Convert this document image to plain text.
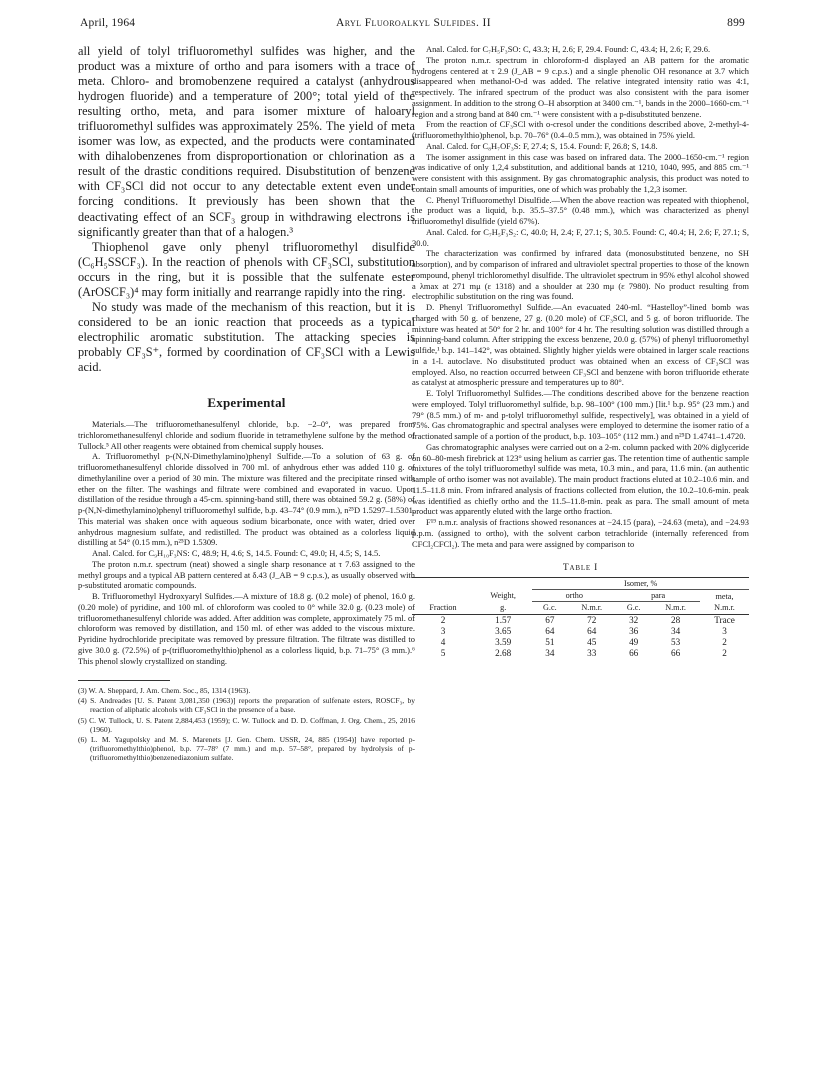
April, 1964	Aryl Fluoroalkyl Sulfides. II	899

all yield of tolyl trifluoromethyl sulfides was higher, and the product was a mixture of ortho and para isomers with a trace of meta. Chloro- and bromobenzene required a catalyst (anhydrous hydrogen fluoride) and a temperature of 200°; total yield of the resulting ortho, meta, and para isomer mixture of haloaryl trifluoromethyl sulfides was approximately 25%. The yield of meta isomer was low, as expected, and the products were contaminated with dihalobenzenes from disproportionation or chlorination as a result of the drastic conditions required. Disubstitution of benzene with CF₃SCl did not occur to any detectable extent even under forcing conditions. It previously has been shown that the deactivating effect of an SCF₃ group in withdrawing electrons is significantly greater than that of a halogen.³

Thiophenol gave only phenyl trifluoromethyl disulfide (C₆H₅SSCF₃). In the reaction of phenols with CF₃SCl, substitution occurs in the ring, but it is possible that the sulfenate ester (ArOSCF₃)⁴ may form initially and rearrange rapidly into the ring.

No study was made of the mechanism of this reaction, but it is considered to be an ionic reaction that proceeds as a typical electrophilic aromatic substitution. The attacking species is probably CF₃S⁺, formed by coordination of CF₃SCl with a Lewis acid.

Experimental

Materials.—The trifluoromethanesulfenyl chloride, b.p. −2–0°, was prepared from trichloromethanesulfenyl chloride and sodium fluoride in tetramethylene sulfone by the method of Tullock.⁵ All other reagents were obtained from chemical supply houses.

A. Trifluoromethyl p-(N,N-Dimethylamino)phenyl Sulfide.—To a solution of 63 g. of trifluoromethanesulfenyl chloride dissolved in 700 ml. of anhydrous ether was added 110 g. of dimethylaniline over a period of 30 min. The mixture was filtered and the precipitate rinsed with ether on the filter. The washings and filtrate were combined and evaporated in vacuo. Upon distillation of the residue through a 45-cm. spinning-band still, there was obtained 59.2 g. (58%) of p-(N,N-dimethylamino)phenyl trifluoromethyl sulfide, b.p. 43–74° (0.9 mm.), n²⁵D 1.5297–1.5301. This material was shaken once with aqueous sodium bicarbonate, once with water, dried over anhydrous magnesium sulfate, and redistilled. The product was obtained as a colorless liquid distilling at 54° (0.15 mm.), n²⁵D 1.5309.

Anal. Calcd. for C₉H₁₀F₃NS: C, 48.9; H, 4.6; S, 14.5. Found: C, 49.0; H, 4.5; S, 14.5.

The proton n.m.r. spectrum (neat) showed a single sharp resonance at τ 7.63 assigned to the methyl groups and a typical AB pattern centered at δ.43 (J_AB = 9 c.p.s.), as usually observed with p-substituted aromatic compounds.

B. Trifluoromethyl Hydroxyaryl Sulfides.—A mixture of 18.8 g. (0.2 mole) of phenol, 16.0 g. (0.20 mole) of pyridine, and 100 ml. of chloroform was cooled to 0° while 32.0 g. (0.23 mole) of trifluoromethanesulfenyl chloride was added. After addition was complete, approximately 75 ml. of chloroform was removed by distillation, and 150 ml. of ether was added to the viscous mixture. Pyridine hydrochloride precipitate was removed by pressure filtration. The filtrate was distilled to give 30.0 g. (72.5%) of p-(trifluoromethylthio)phenol as a colorless liquid, b.p. 71–75° (3 mm.).⁶ This phenol slowly crystallized on standing.

(3) W. A. Sheppard, J. Am. Chem. Soc., 85, 1314 (1963).

(4) S. Andreades [U. S. Patent 3,081,350 (1963)] reports the preparation of sulfenate esters, ROSCF₃, by reaction of aliphatic alcohols with CF₃SCl in the presence of a base.

(5) C. W. Tullock, U. S. Patent 2,884,453 (1959); C. W. Tullock and D. D. Coffman, J. Org. Chem., 25, 2016 (1960).

(6) L. M. Yagupolsky and M. S. Marenets [J. Gen. Chem. USSR, 24, 885 (1954)] have reported p-(trifluoromethylthio)phenol, b.p. 77–78° (7 mm.) and m.p. 57–58°, prepared by hydrolysis of p-(trifluoromethylthio)benzenediazonium sulfate.

Anal. Calcd. for C₇H₅F₃SO: C, 43.3; H, 2.6; F, 29.4. Found: C, 43.4; H, 2.6; F, 29.6.

The proton n.m.r. spectrum in chloroform-d displayed an AB pattern for the aromatic hydrogens centered at τ 2.9 (J_AB = 9 c.p.s.) and a single phenolic OH resonance at 3.7 which disappeared when methanol-O-d was added. The relative integrated intensity ratio was 4:1, respectively. The infrared spectrum of the product was also consistent with the para isomer assignment. In addition to the strong O–H absorption at 3400 cm.⁻¹, bands in the 2000–1660-cm.⁻¹ region and a strong band at 840 cm.⁻¹ were consistent with a p-disubstituted benzene.

From the reaction of CF₃SCl with o-cresol under the conditions described above, 2-methyl-4-(trifluoromethylthio)phenol, b.p. 70–76° (0.4–0.5 mm.), was obtained in 75% yield.

Anal. Calcd. for C₈H₇OF₃S: F, 27.4; S, 15.4. Found: F, 26.8; S, 14.8.

The isomer assignment in this case was based on infrared data. The 2000–1650-cm.⁻¹ region was indicative of only 1,2,4 substitution, and additional bands at 1210, 1040, 995, and 885 cm.⁻¹ were consistent with this assignment. By gas chromatographic analysis, this product was noted to contain small amounts of impurities, one of which was probably the 1,2,3 isomer.

C. Phenyl Trifluoromethyl Disulfide.—When the above reaction was repeated with thiophenol, the product was a liquid, b.p. 35.5–37.5° (0.48 mm.), which was characterized as phenyl trifluoromethyl disulfide (yield 67%).

Anal. Calcd. for C₇H₅F₃S₂: C, 40.0; H, 2.4; F, 27.1; S, 30.5. Found: C, 40.4; H, 2.6; F, 27.1; S, 30.0.

The characterization was confirmed by infrared data (monosubstituted benzene, no SH absorption), and by comparison of infrared and ultraviolet spectral properties to those of the known compound, phenyl trichloromethyl disulfide. The ultraviolet spectrum in 95% ethyl alcohol showed a λmax at 271 mμ (ε 1318) and a shoulder at 230 mμ (ε 7980). No product resulting from electrophilic substitution on the ring was found.

D. Phenyl Trifluoromethyl Sulfide.—An evacuated 240-ml. “Hastelloy”-lined bomb was charged with 50 g. of benzene, 27 g. (0.20 mole) of CF₃SCl, and 5 g. of boron trifluoride. The mixture was heated at 50° for 2 hr. and 100° for 4 hr. The resulting solution was distilled through a spinning-band column. After stripping the excess benzene, 20.0 g. (57%) of phenyl trifluoromethyl sulfide,¹ b.p. 141–142°, was obtained. Slightly higher yields were obtained in larger scale reactions in a 1-l. autoclave. No disubstituted product was obtained when an excess of CF₃SCl was employed. Also, no reaction occurred between CF₃SCl and benzene with boron trifluoride etherate as catalyst at atmospheric pressure and temperatures up to 80°.

E. Tolyl Trifluoromethyl Sulfides.—The conditions described above for the benzene reaction were employed. Tolyl trifluoromethyl sulfide, b.p. 98–100° (100 mm.) [lit.¹ b.p. 95° (23 mm.) and 79° (8.5 mm.) of m- and p-tolyl trifluoromethyl sulfide, respectively], was obtained in a yield of 75%. Gas chromatographic and spectral analyses were employed to determine the isomer ratio of a fractionated sample of a portion of the product, b.p. 103–105° (112 mm.) and n²⁵D 1.4741–1.4720.

Gas chromatographic analyses were carried out on a 2-m. column packed with 20% diglyceride on 60–80-mesh firebrick at 123° using helium as carrier gas. The retention time of authentic sample mixtures of the tolyl trifluoromethyl sulfide was meta, 10.3 min., and para, 11.6 min. (an authentic sample of ortho isomer was not available). The main product fractions eluted at 10.2–10.6 min. and 11.5–11.8 min. From infrared analysis of fractions collected from elution, the 10.2–10.6-min. peak was identified as chiefly ortho and the 11.5–11.8-min. peak as para. The small amount of meta product was apparently eluted with the large ortho fraction.

F¹⁹ n.m.r. analysis of fractions showed resonances at −24.15 (para), −24.63 (meta), and −24.93 p.p.m. (assigned to ortho), with the solvent carbon tetrachloride (internally referenced from CFCl₂CFCl₂). The meta and para were assigned by comparison to

Table I
		Isomer, %				
	Weight,	ortho		para		meta,
Fraction	g.	G.c.	N.m.r.	G.c.	N.m.r.	N.m.r.
2	1.57	67	72	32	28	Trace
3	3.65	64	64	36	34	3
4	3.59	51	45	49	53	2
5	2.68	34	33	66	66	2
